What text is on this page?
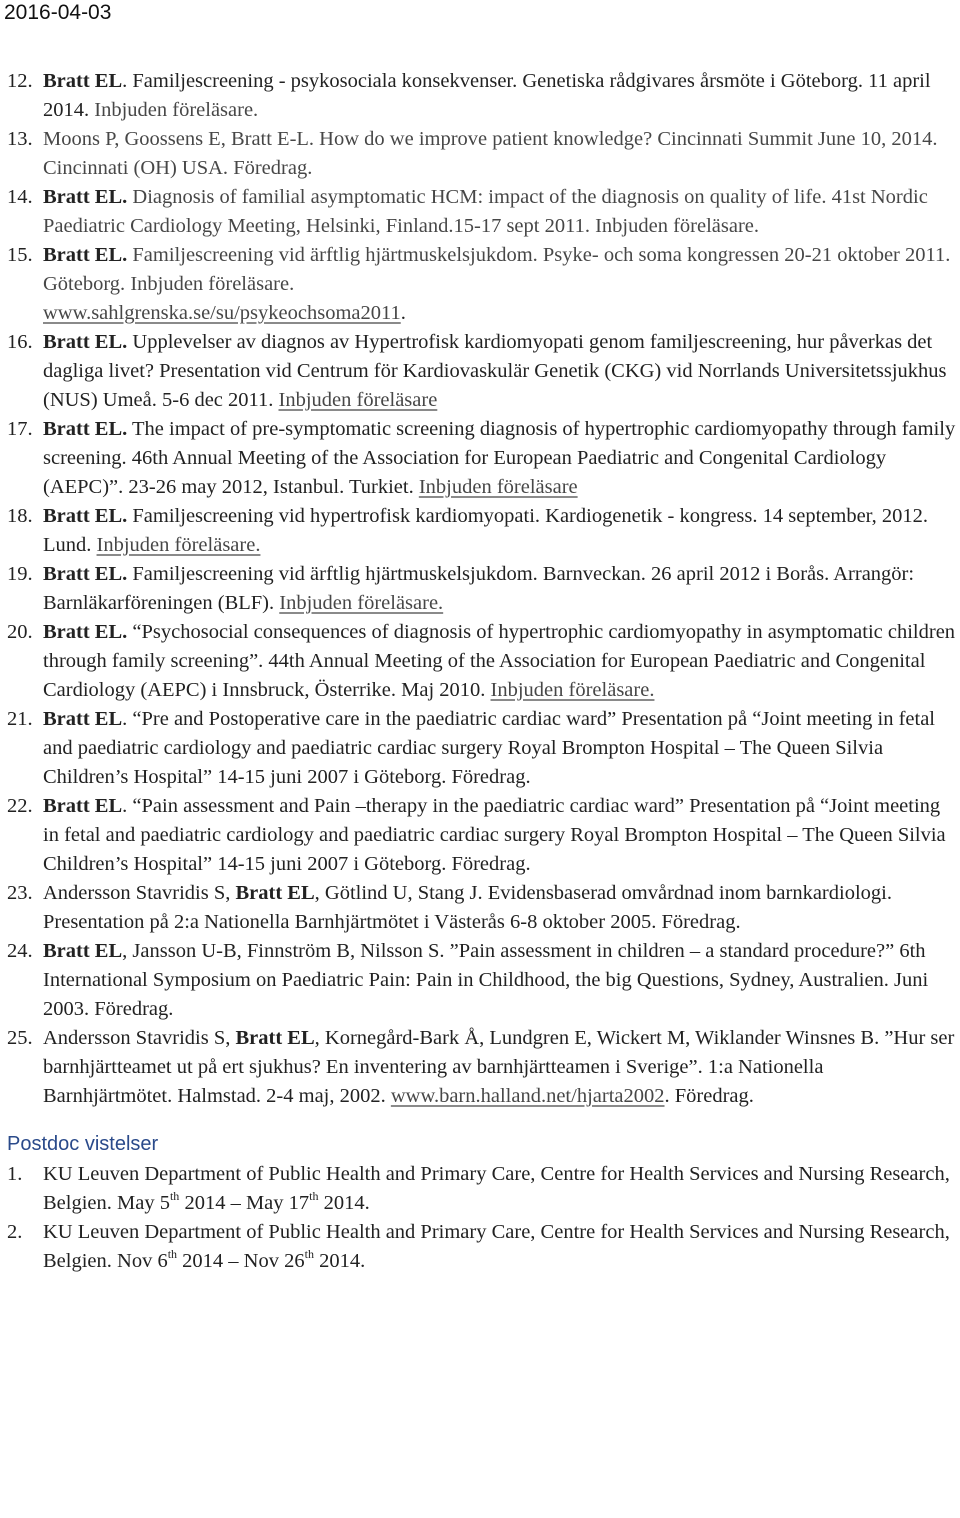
2016-04-03
12. Bratt EL. Familjescreening - psykosociala konsekvenser. Genetiska rådgivares årsmöte i Göteborg. 11 april 2014. Inbjuden föreläsare.
13. Moons P, Goossens E, Bratt E-L. How do we improve patient knowledge? Cincinnati Summit June 10, 2014. Cincinnati (OH) USA. Föredrag.
14. Bratt EL. Diagnosis of familial asymptomatic HCM: impact of the diagnosis on quality of life. 41st Nordic Paediatric Cardiology Meeting, Helsinki, Finland.15-17 sept 2011. Inbjuden föreläsare.
15. Bratt EL. Familjescreening vid ärftlig hjärtmuskelsjukdom. Psyke- och soma kongressen 20-21 oktober 2011. Göteborg. Inbjuden föreläsare.
www.sahlgrenska.se/su/psykeochsoma2011.
16. Bratt EL. Upplevelser av diagnos av Hypertrofisk kardiomyopati genom familjescreening, hur påverkas det dagliga livet? Presentation vid Centrum för Kardiovaskulär Genetik (CKG) vid Norrlands Universitetssjukhus (NUS) Umeå. 5-6 dec 2011. Inbjuden föreläsare
17. Bratt EL. The impact of pre-symptomatic screening diagnosis of hypertrophic cardiomyopathy through family screening. 46th Annual Meeting of the Association for European Paediatric and Congenital Cardiology (AEPC)”. 23-26 may 2012, Istanbul. Turkiet. Inbjuden föreläsare
18. Bratt EL. Familjescreening vid hypertrofisk kardiomyopati. Kardiogenetik - kongress. 14 september, 2012. Lund. Inbjuden föreläsare.
19. Bratt EL. Familjescreening vid ärftlig hjärtmuskelsjukdom. Barnveckan. 26 april 2012 i Borås. Arrangör: Barnläkarföreningen (BLF). Inbjuden föreläsare.
20. Bratt EL. “Psychosocial consequences of diagnosis of hypertrophic cardiomyopathy in asymptomatic children through family screening”. 44th Annual Meeting of the Association for European Paediatric and Congenital Cardiology (AEPC) i Innsbruck, Österrike. Maj 2010. Inbjuden föreläsare.
21. Bratt EL. “Pre and Postoperative care in the paediatric cardiac ward” Presentation på “Joint meeting in fetal and paediatric cardiology and paediatric cardiac surgery Royal Brompton Hospital – The Queen Silvia Children’s Hospital” 14-15 juni 2007 i Göteborg. Föredrag.
22. Bratt EL. “Pain assessment and Pain –therapy in the paediatric cardiac ward” Presentation på “Joint meeting in fetal and paediatric cardiology and paediatric cardiac surgery Royal Brompton Hospital – The Queen Silvia Children’s Hospital” 14-15 juni 2007 i Göteborg. Föredrag.
23. Andersson Stavridis S, Bratt EL, Götlind U, Stang J. Evidensbaserad omvårdnad inom barnkardiologi. Presentation på 2:a Nationella Barnhjärtmötet i Västerås 6-8 oktober 2005. Föredrag.
24. Bratt EL, Jansson U-B, Finnström B, Nilsson S. ”Pain assessment in children – a standard procedure?” 6th International Symposium on Paediatric Pain: Pain in Childhood, the big Questions, Sydney, Australien. Juni 2003. Föredrag.
25. Andersson Stavridis S, Bratt EL, Kornegård-Bark Å, Lundgren E, Wickert M, Wiklander Winsnes B. ”Hur ser barnhjärtteamet ut på ert sjukhus? En inventering av barnhjärtteamen i Sverige”. 1:a Nationella Barnhjärtmötet. Halmstad. 2-4 maj, 2002. www.barn.halland.net/hjarta2002. Föredrag.
Postdoc vistelser
1. KU Leuven Department of Public Health and Primary Care, Centre for Health Services and Nursing Research, Belgien. May 5th 2014 – May 17th 2014.
2. KU Leuven Department of Public Health and Primary Care, Centre for Health Services and Nursing Research, Belgien. Nov 6th 2014 – Nov 26th 2014.
